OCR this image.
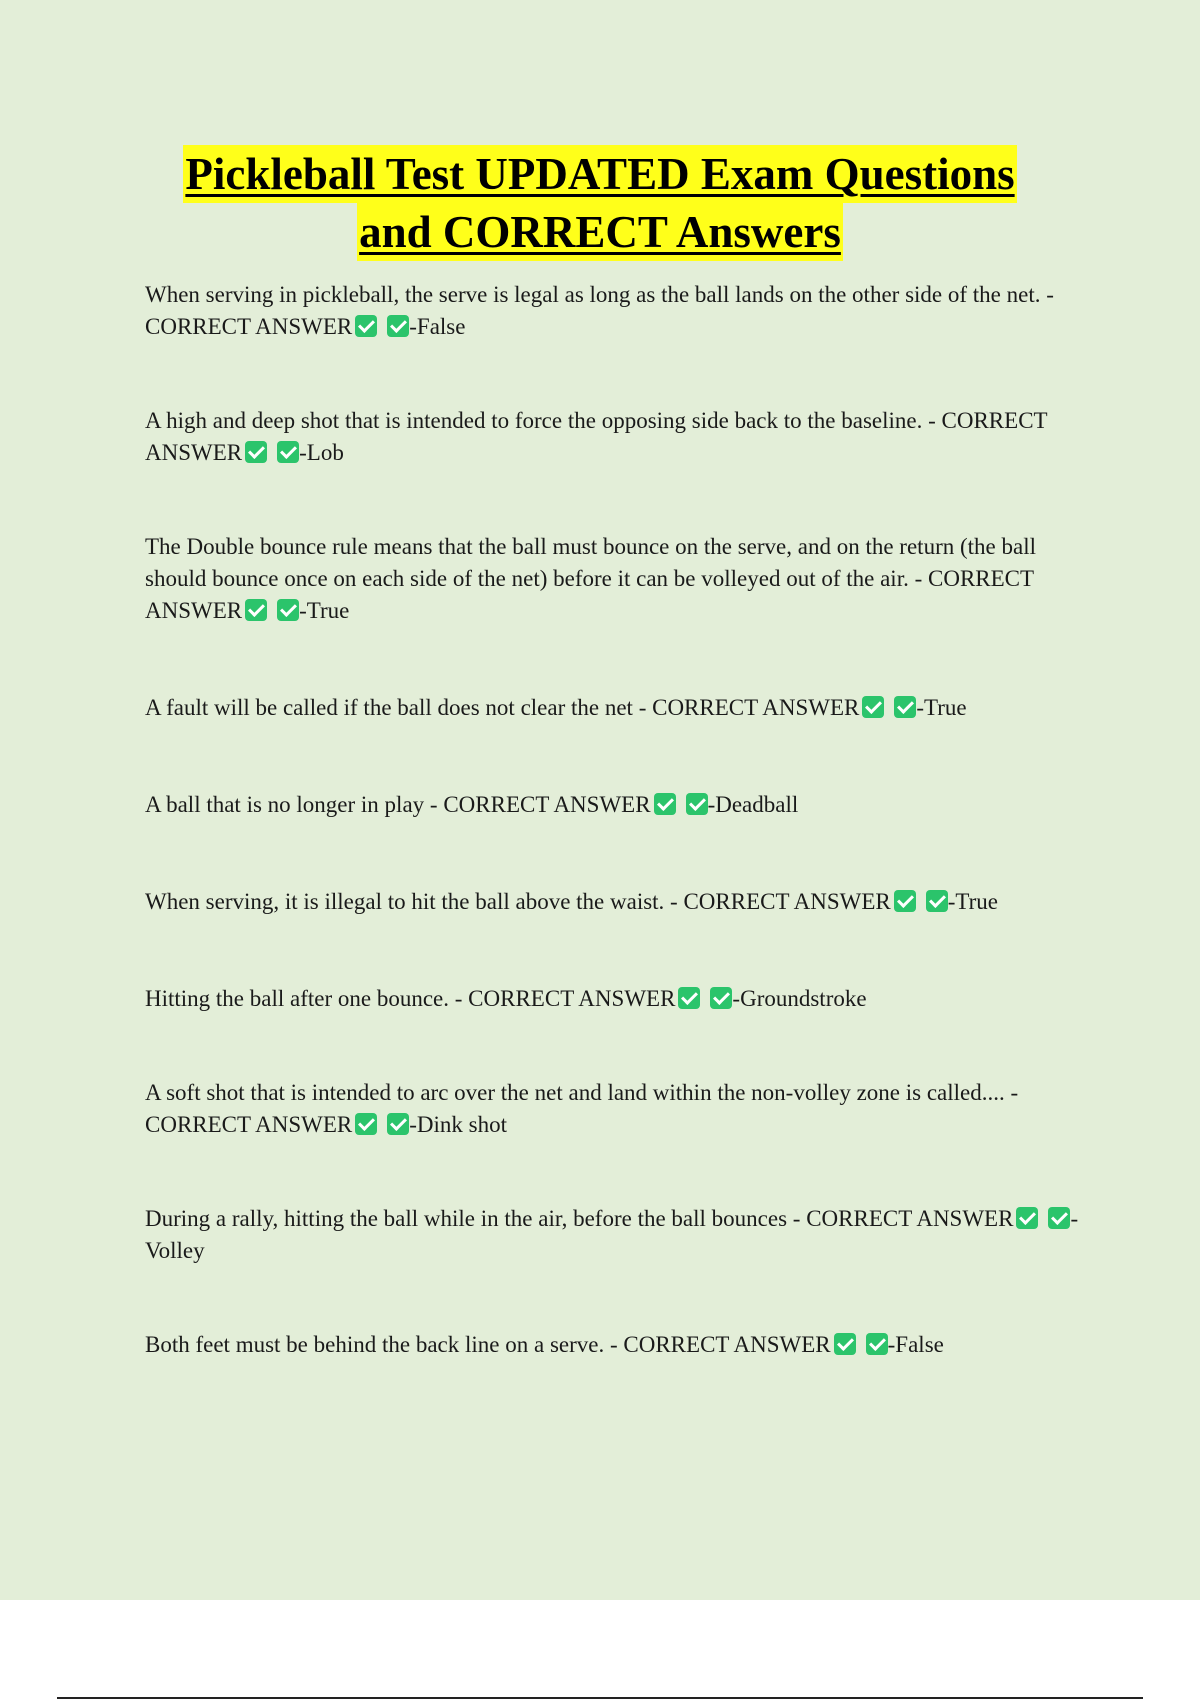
Pickleball Test UPDATED Exam Questions
and CORRECT Answers

When serving in pickleball, the serve is legal as long as the ball lands on the other side of the net. - CORRECT ANSWER -False

A high and deep shot that is intended to force the opposing side back to the baseline. - CORRECT ANSWER -Lob

The Double bounce rule means that the ball must bounce on the serve, and on the return (the ball should bounce once on each side of the net) before it can be volleyed out of the air. - CORRECT ANSWER -True

A fault will be called if the ball does not clear the net - CORRECT ANSWER -True

A ball that is no longer in play - CORRECT ANSWER -Deadball

When serving, it is illegal to hit the ball above the waist. - CORRECT ANSWER -True

Hitting the ball after one bounce. - CORRECT ANSWER -Groundstroke

A soft shot that is intended to arc over the net and land within the non-volley zone is called.... - CORRECT ANSWER -Dink shot

During a rally, hitting the ball while in the air, before the ball bounces - CORRECT ANSWER -Volley

Both feet must be behind the back line on a serve. - CORRECT ANSWER -False
